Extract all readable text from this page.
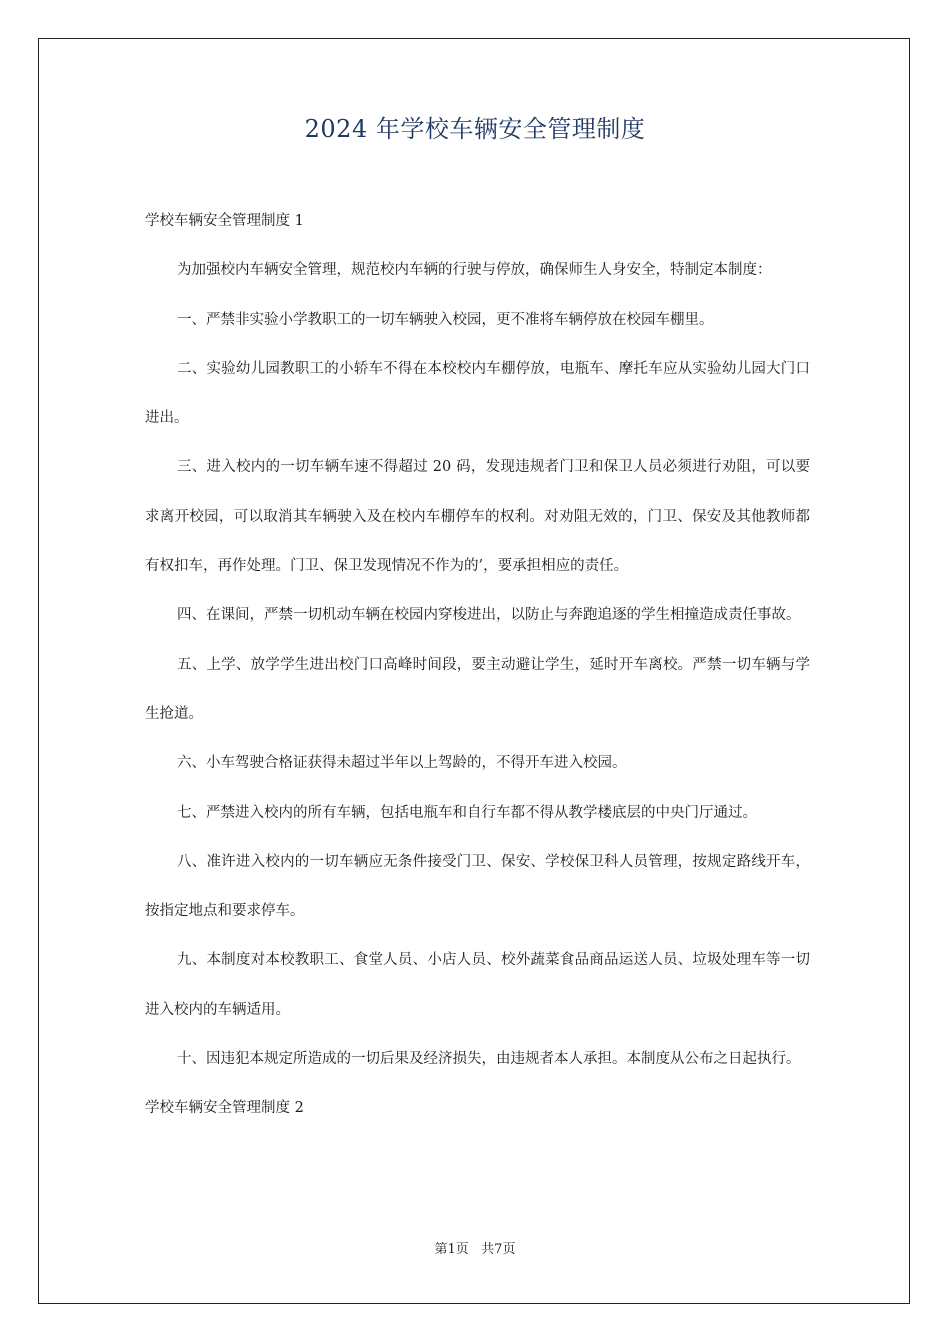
2024 年学校车辆安全管理制度

学校车辆安全管理制度 1

为加强校内车辆安全管理，规范校内车辆的行驶与停放，确保师生人身安全，特制定本制度：

一、严禁非实验小学教职工的一切车辆驶入校园，更不准将车辆停放在校园车棚里。

二、实验幼儿园教职工的小轿车不得在本校校内车棚停放，电瓶车、摩托车应从实验幼儿园大门口进出。

三、进入校内的一切车辆车速不得超过 20 码，发现违规者门卫和保卫人员必须进行劝阻，可以要求离开校园，可以取消其车辆驶入及在校内车棚停车的权利。对劝阻无效的，门卫、保安及其他教师都有权扣车，再作处理。门卫、保卫发现情况不作为的’，要承担相应的责任。

四、在课间，严禁一切机动车辆在校园内穿梭进出，以防止与奔跑追逐的学生相撞造成责任事故。

五、上学、放学学生进出校门口高峰时间段，要主动避让学生，延时开车离校。严禁一切车辆与学生抢道。

六、小车驾驶合格证获得未超过半年以上驾龄的，不得开车进入校园。

七、严禁进入校内的所有车辆，包括电瓶车和自行车都不得从教学楼底层的中央门厅通过。

八、准许进入校内的一切车辆应无条件接受门卫、保安、学校保卫科人员管理，按规定路线开车，按指定地点和要求停车。

九、本制度对本校教职工、食堂人员、小店人员、校外蔬菜食品商品运送人员、垃圾处理车等一切进入校内的车辆适用。

十、因违犯本规定所造成的一切后果及经济损失，由违规者本人承担。本制度从公布之日起执行。

学校车辆安全管理制度 2

第1页   共7页
